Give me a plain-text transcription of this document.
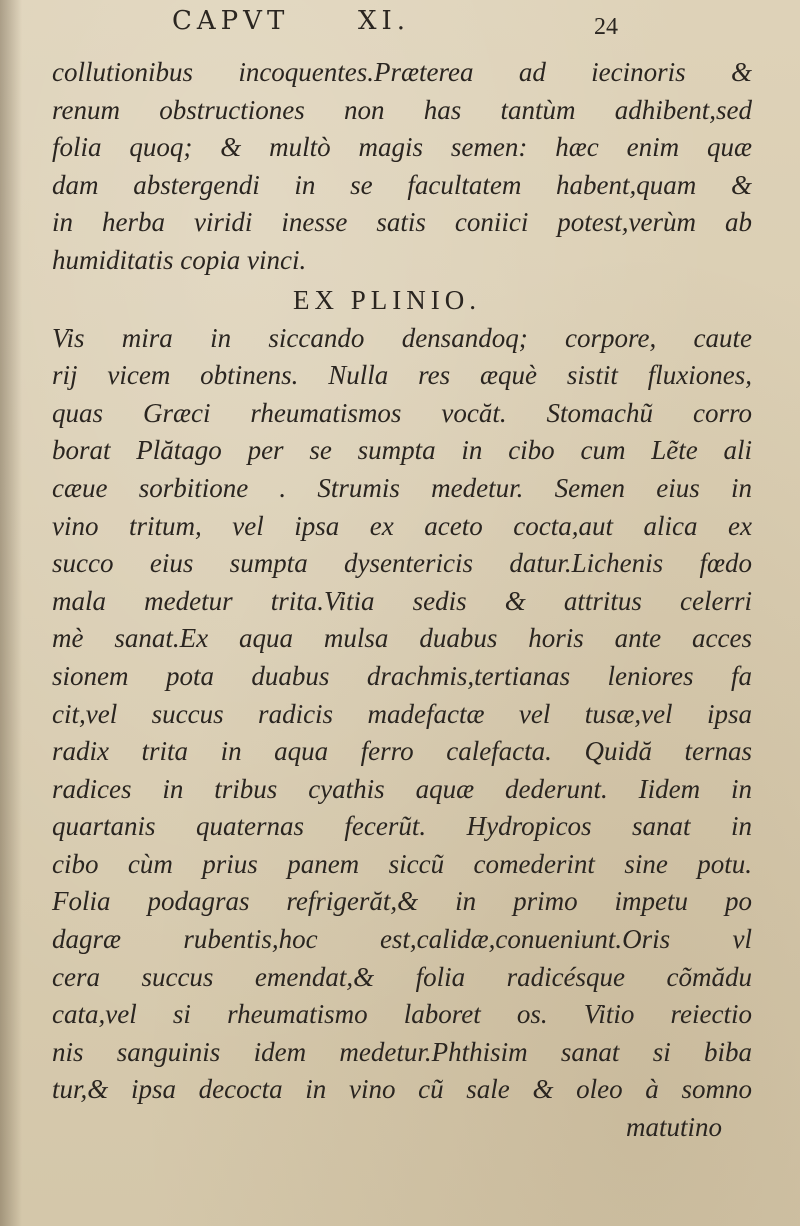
CAPVT	XI.	24
collutionibus incoquentes.Præterea ad iecinoris &
renum obstructiones non has tantùm adhibent,sed
folia quoq; & multò magis semen: hæc enim quæ
dam abstergendi in se facultatem habent,quam &
in herba viridi inesse satis coniici potest,verùm ab
humiditatis copia vinci.
EX PLINIO.
Vis mira in siccando densandoq; corpore, caute
rij vicem obtinens. Nulla res æquè sistit fluxiones,
quas Græci rheumatismos vocăt. Stomachũ corro
borat Plătago per se sumpta in cibo cum Lẽte ali
cæue sorbitione . Strumis medetur. Semen eius in
vino tritum, vel ipsa ex aceto cocta,aut alica ex
succo eius sumpta dysentericis datur.Lichenis fœdo
mala medetur trita.Vitia sedis & attritus celerri
mè sanat.Ex aqua mulsa duabus horis ante acces
sionem pota duabus drachmis,tertianas leniores fa
cit,vel succus radicis madefactæ vel tusæ,vel ipsa
radix trita in aqua ferro calefacta. Quidă ternas
radices in tribus cyathis aquæ dederunt. Iidem in
quartanis quaternas fecerũt. Hydropicos sanat in
cibo cùm prius panem siccũ comederint sine potu.
Folia podagras refrigerăt,& in primo impetu po
dagræ rubentis,hoc est,calidæ,conueniunt.Oris vl
cera succus emendat,& folia radicésque cõmădu
cata,vel si rheumatismo laboret os. Vitio reiectio
nis sanguinis idem medetur.Phthisim sanat si biba
tur,& ipsa decocta in vino cũ sale & oleo à somno
matutino
